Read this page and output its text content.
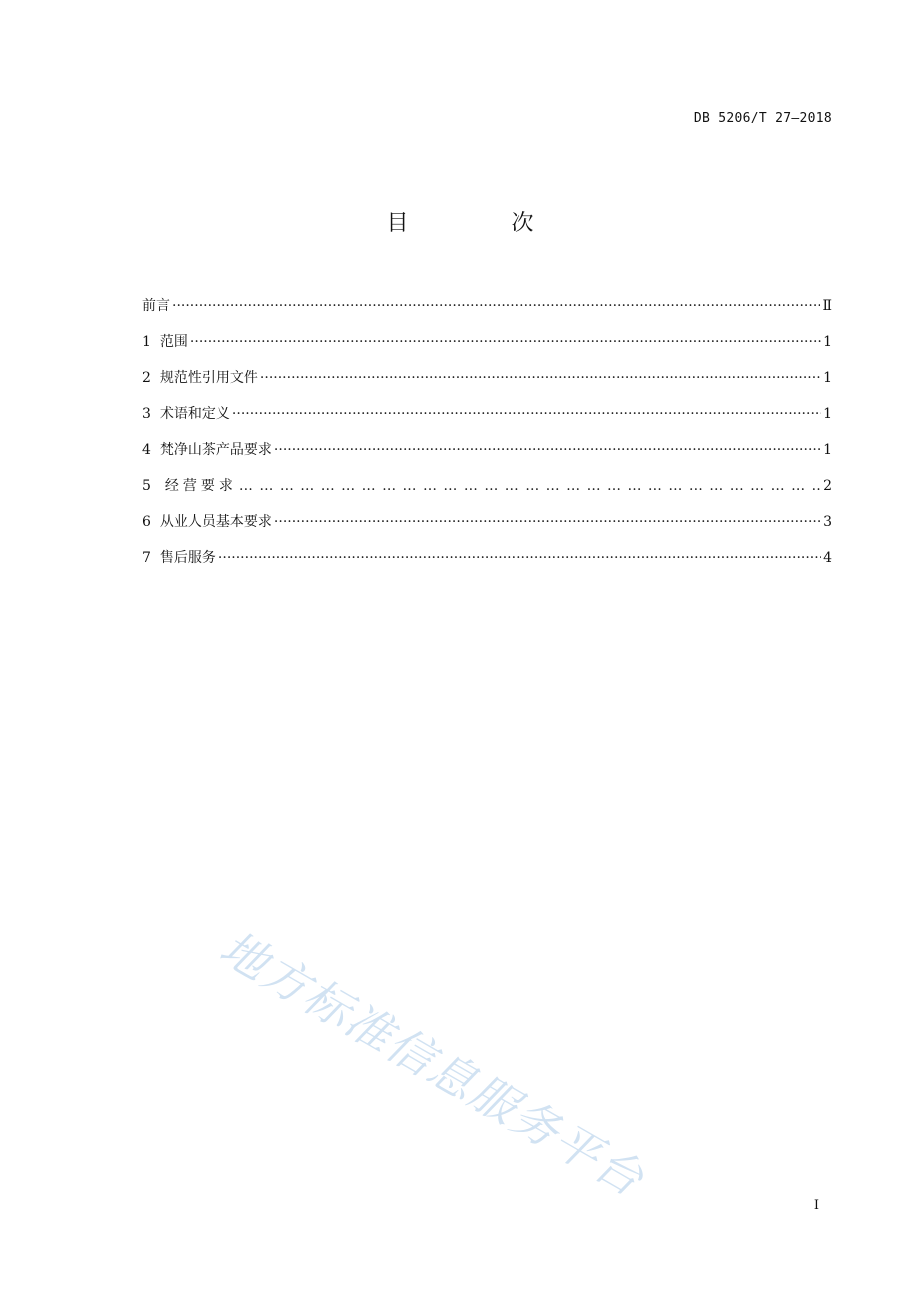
DB 5206/T 27—2018
目 次
前言 ·····	Ⅱ
1 范围 ·····	1
2 规范性引用文件 ·····	1
3 术语和定义 ·····	1
4 梵净山茶产品要求 ·····	1
5 经营要求 … … … … … … … … … … … … … … … … … … … … … … … … … … … … … … … … … … … … … … … … … … … … … … … … … … … … … … … … … … … …	2
6 从业人员基本要求 ·····	3
7 售后服务 ·····	4
地方标准信息服务平台	I
